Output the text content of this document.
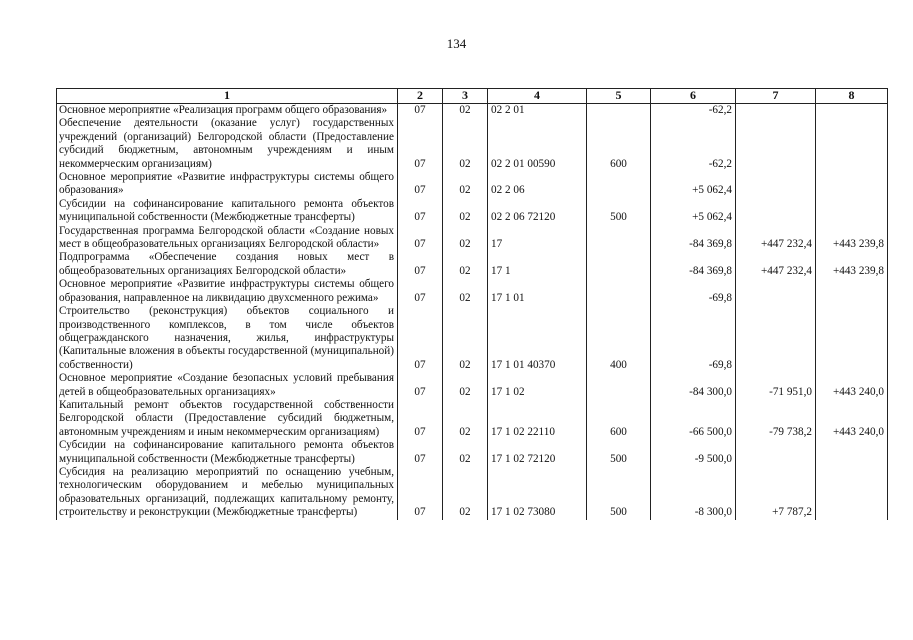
134
1	2	3	4	5	6	7	8
Основное мероприятие «Реализация программ общего образования»	07	02	02 2 01		-62,2		
Обеспечение деятельности (оказание услуг) государственных учреждений (организаций) Белгородской области (Предоставление субсидий бюджетным, автономным учреждениям и иным некоммерческим организациям)	07	02	02 2 01 00590	600	-62,2		
Основное мероприятие «Развитие инфраструктуры системы общего образования»	07	02	02 2 06		+5 062,4		
Субсидии на софинансирование капитального ремонта объектов муниципальной собственности (Межбюджетные трансферты)	07	02	02 2 06 72120	500	+5 062,4		
Государственная программа Белгородской области «Создание новых мест в общеобразовательных организациях Белгородской области»	07	02	17		-84 369,8	+447 232,4	+443 239,8
Подпрограмма «Обеспечение создания новых мест в общеобразовательных организациях Белгородской области»	07	02	17 1		-84 369,8	+447 232,4	+443 239,8
Основное мероприятие «Развитие инфраструктуры системы общего образования, направленное на ликвидацию двухсменного режима»	07	02	17 1 01		-69,8		
Строительство (реконструкция) объектов социального и производственного комплексов, в том числе объектов общегражданского назначения, жилья, инфраструктуры (Капитальные вложения в объекты государственной (муниципальной) собственности)	07	02	17 1 01 40370	400	-69,8		
Основное мероприятие «Создание безопасных условий пребывания детей в общеобразовательных организациях»	07	02	17 1 02		-84 300,0	-71 951,0	+443 240,0
Капитальный ремонт объектов государственной собственности Белгородской области (Предоставление субсидий бюджетным, автономным учреждениям и иным некоммерческим организациям)	07	02	17 1 02 22110	600	-66 500,0	-79 738,2	+443 240,0
Субсидии на софинансирование капитального ремонта объектов муниципальной собственности (Межбюджетные трансферты)	07	02	17 1 02 72120	500	-9 500,0		
Субсидия на реализацию мероприятий по оснащению учебным, технологическим оборудованием и мебелью муниципальных образовательных организаций, подлежащих капитальному ремонту, строительству и реконструкции (Межбюджетные трансферты)	07	02	17 1 02 73080	500	-8 300,0	+7 787,2	
